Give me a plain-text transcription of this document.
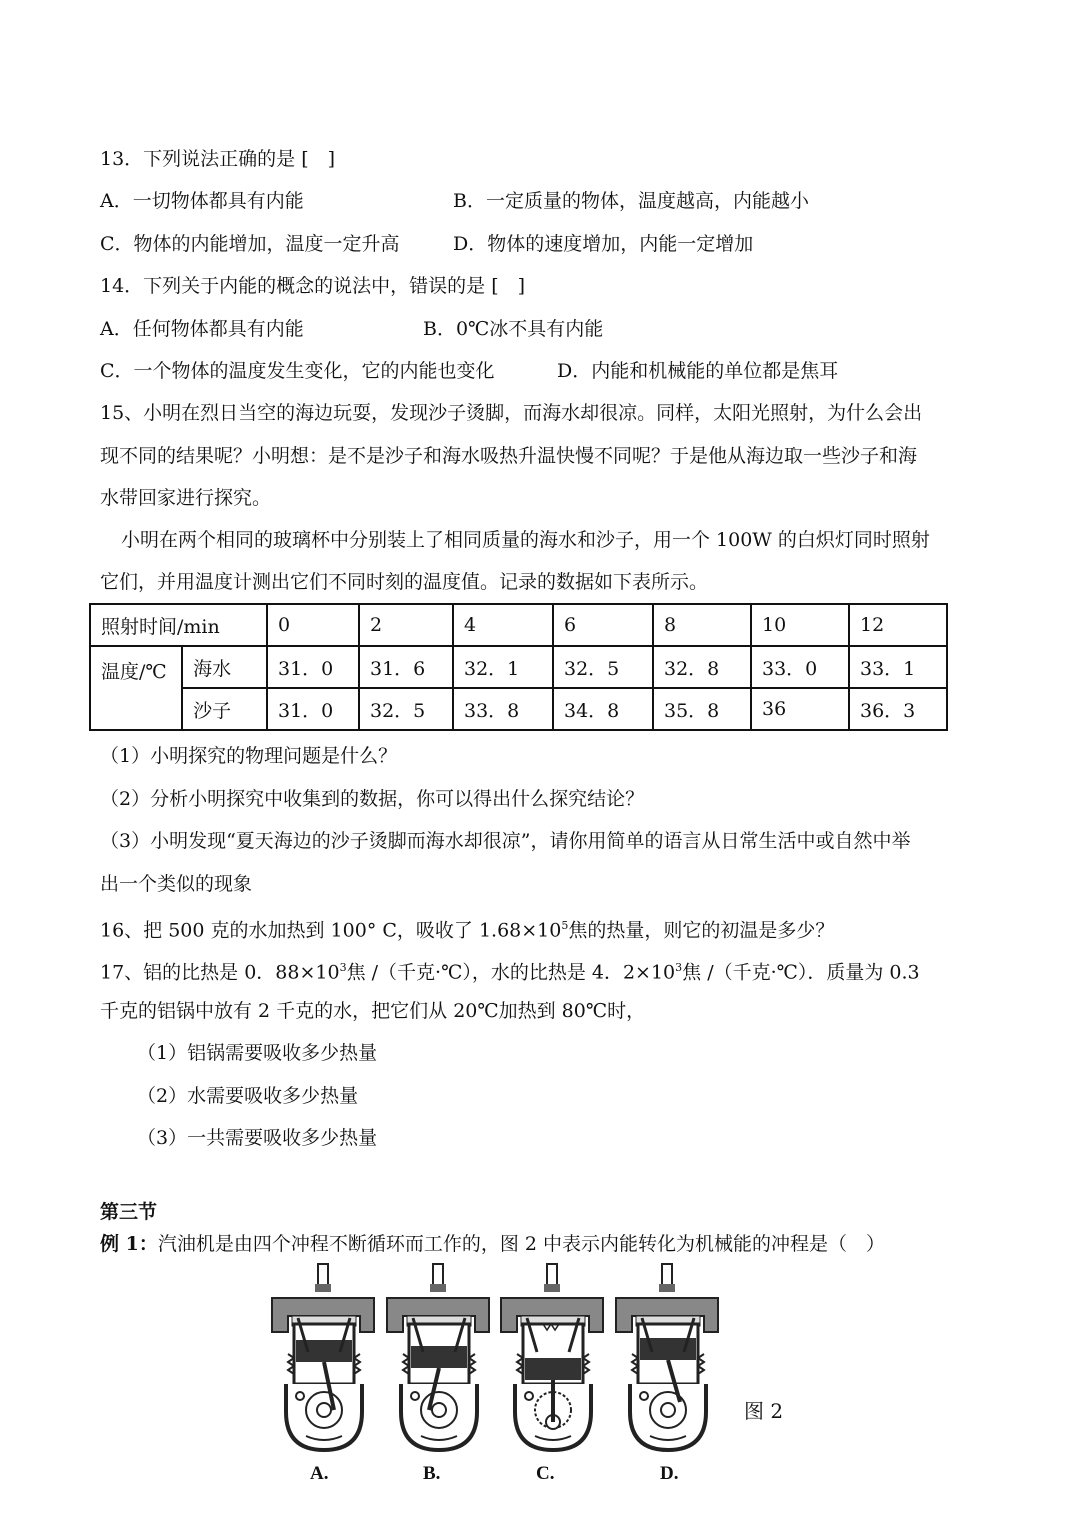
13．下列说法正确的是 [　]
A．一切物体都具有内能	B．一定质量的物体，温度越高，内能越小
C．物体的内能增加，温度一定升高	D．物体的速度增加，内能一定增加
14．下列关于内能的概念的说法中，错误的是 [　]
A．任何物体都具有内能	B．0℃冰不具有内能
C．一个物体的温度发生变化，它的内能也变化	D．内能和机械能的单位都是焦耳
15、小明在烈日当空的海边玩耍，发现沙子烫脚，而海水却很凉。同样，太阳光照射，为什么会出
现不同的结果呢？小明想：是不是沙子和海水吸热升温快慢不同呢？于是他从海边取一些沙子和海
水带回家进行探究。
小明在两个相同的玻璃杯中分别装上了相同质量的海水和沙子，用一个 100W 的白炽灯同时照射
它们，并用温度计测出它们不同时刻的温度值。记录的数据如下表所示。
照射时间/min		0	2	4	6	8	10	12
温度/℃	海水	31．0	31．6	32．1	32．5	32．8	33．0	33．1
	沙子	31．0	32．5	33．8	34．8	35．8	36	36．3
（1）小明探究的物理问题是什么？
（2）分析小明探究中收集到的数据，你可以得出什么探究结论？
（3）小明发现“夏天海边的沙子烫脚而海水却很凉”，请你用简单的语言从日常生活中或自然中举
出一个类似的现象
16、把 500 克的水加热到 100° C，吸收了 $1.68\times 10^5$焦的热量，则它的初温是多少？
17、铝的比热是 0．$88\times 10^3$焦 /（千克·℃），水的比热是 4．$2\times 10^3$焦 /（千克·℃）．质量为 0.3
千克的铝锅中放有 2 千克的水，把它们从 20℃加热到 80℃时，
（1）铝锅需要吸收多少热量
（2）水需要吸收多少热量
（3）一共需要吸收多少热量
第三节
例 1：汽油机是由四个冲程不断循环而工作的，图 2 中表示内能转化为机械能的冲程是（　）
图 2
A.	B.	C.	D.
